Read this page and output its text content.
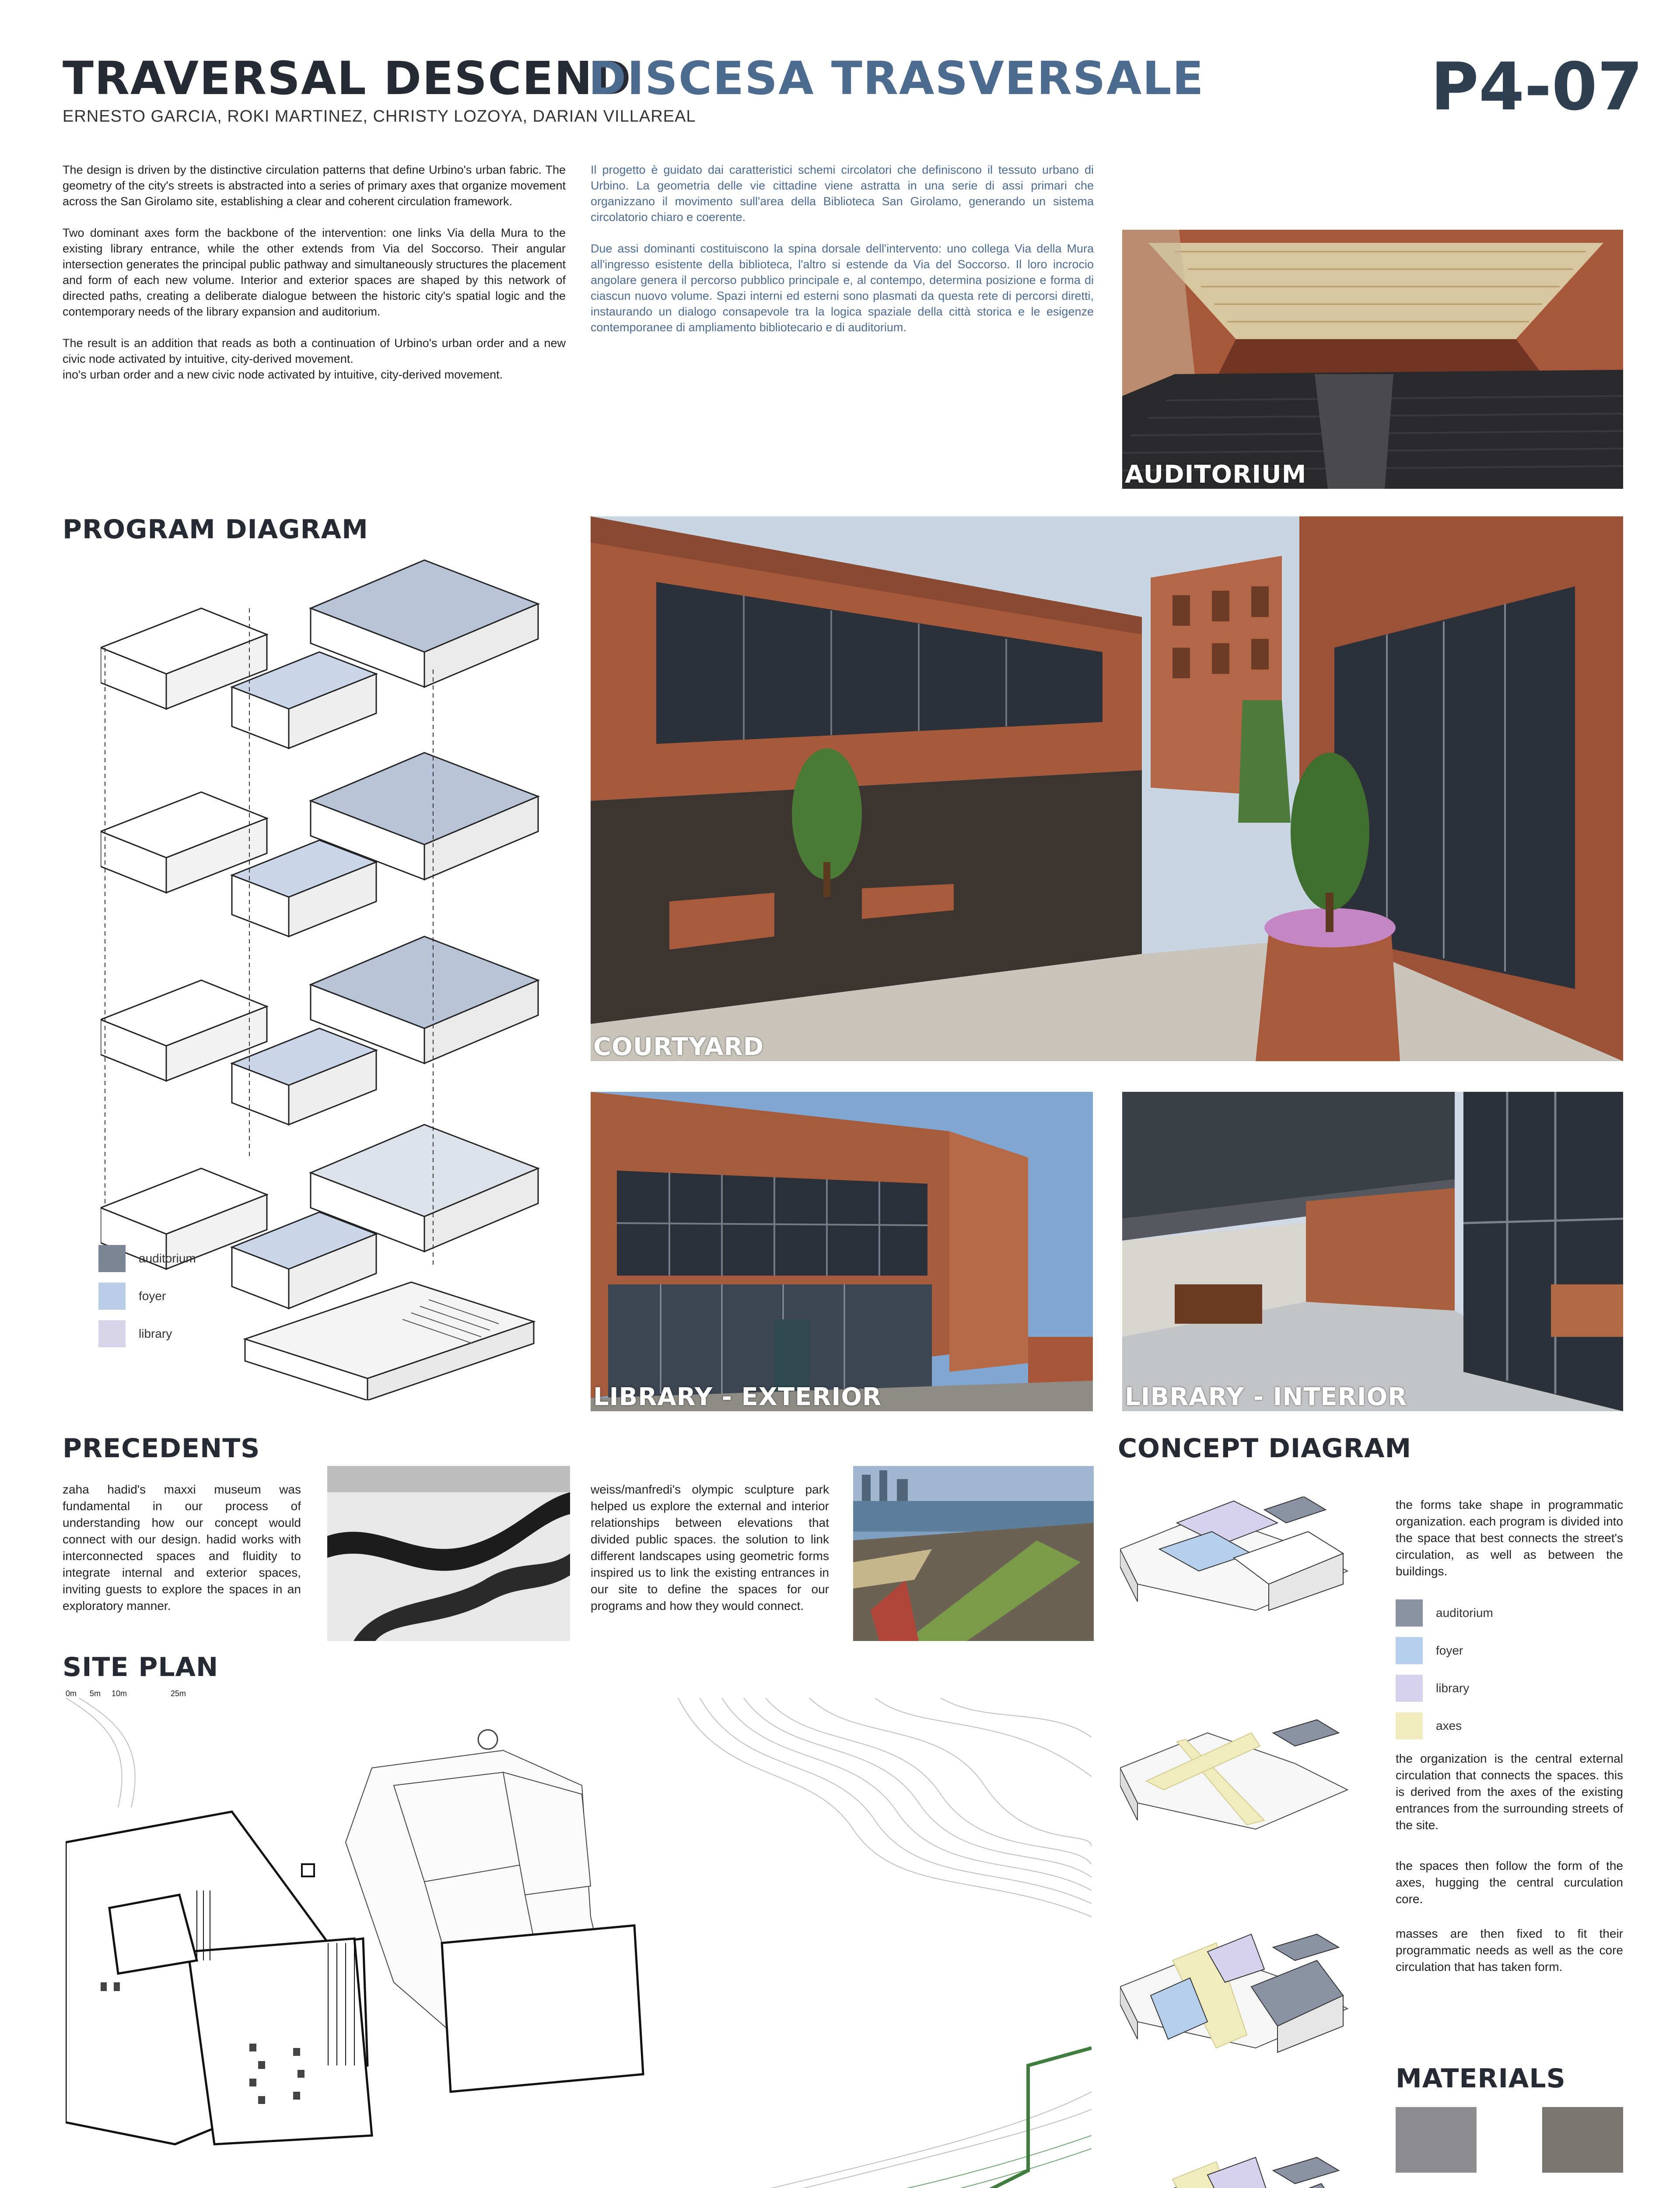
TRAVERSAL DESCEND
DISCESA TRASVERSALE	P4-07
ERNESTO GARCIA, ROKI MARTINEZ, CHRISTY LOZOYA, DARIAN VILLAREAL

The design is driven by the distinctive circulation patterns that define Urbino's urban fabric. The geometry of the city's streets is abstracted into a series of primary axes that organize movement across the San Girolamo site, establishing a clear and coherent circulation framework.

Two dominant axes form the backbone of the intervention: one links Via della Mura to the existing library entrance, while the other extends from Via del Soccorso. Their angular intersection generates the principal public pathway and simultaneously structures the placement and form of each new volume. Interior and exterior spaces are shaped by this network of directed paths, creating a deliberate dialogue between the historic city's spatial logic and the contemporary needs of the library expansion and auditorium.

The result is an addition that reads as both a continuation of Urbino's urban order and a new civic node activated by intuitive, city-derived movement.

ino's urban order and a new civic node activated by intuitive, city-derived movement.

Il progetto è guidato dai caratteristici schemi circolatori che definiscono il tessuto urbano di Urbino. La geometria delle vie cittadine viene astratta in una serie di assi primari che organizzano il movimento sull'area della Biblioteca San Girolamo, generando un sistema circolatorio chiaro e coerente.

Due assi dominanti costituiscono la spina dorsale dell'intervento: uno collega Via della Mura all'ingresso esistente della biblioteca, l'altro si estende da Via del Soccorso. Il loro incrocio angolare genera il percorso pubblico principale e, al contempo, determina posizione e forma di ciascun nuovo volume. Spazi interni ed esterni sono plasmati da questa rete di percorsi diretti, instaurando un dialogo consapevole tra la logica spaziale della città storica e le esigenze contemporanee di ampliamento bibliotecario e di auditorium.

AUDITORIUM
PROGRAM DIAGRAM
auditorium
foyer
library
COURTYARD
LIBRARY - EXTERIOR	LIBRARY - INTERIOR
PRECEDENTS
zaha hadid's maxxi museum was fundamental in our process of understanding how our concept would connect with our design. hadid works with interconnected spaces and fluidity to integrate internal and exterior spaces, inviting guests to explore the spaces in an exploratory manner.
weiss/manfredi's olympic sculpture park helped us explore the external and interior relationships between elevations that divided public spaces. the solution to link different landscapes using geometric forms inspired us to link the existing entrances in our site to define the spaces for our programs and how they would connect.
CONCEPT DIAGRAM
the forms take shape in programmatic organization. each program is divided into the space that best connects the street's circulation, as well as between the buildings.
auditorium
foyer
library
axes
the organization is the central external circulation that connects the spaces. this is derived from the axes of the existing entrances from the surrounding streets of the site.
the spaces then follow the form of the axes, hugging the central curculation core.
masses are then fixed to fit their programmatic needs as well as the core circulation that has taken form.
MATERIALS
SITE PLAN
0m 5m 10m	25m
